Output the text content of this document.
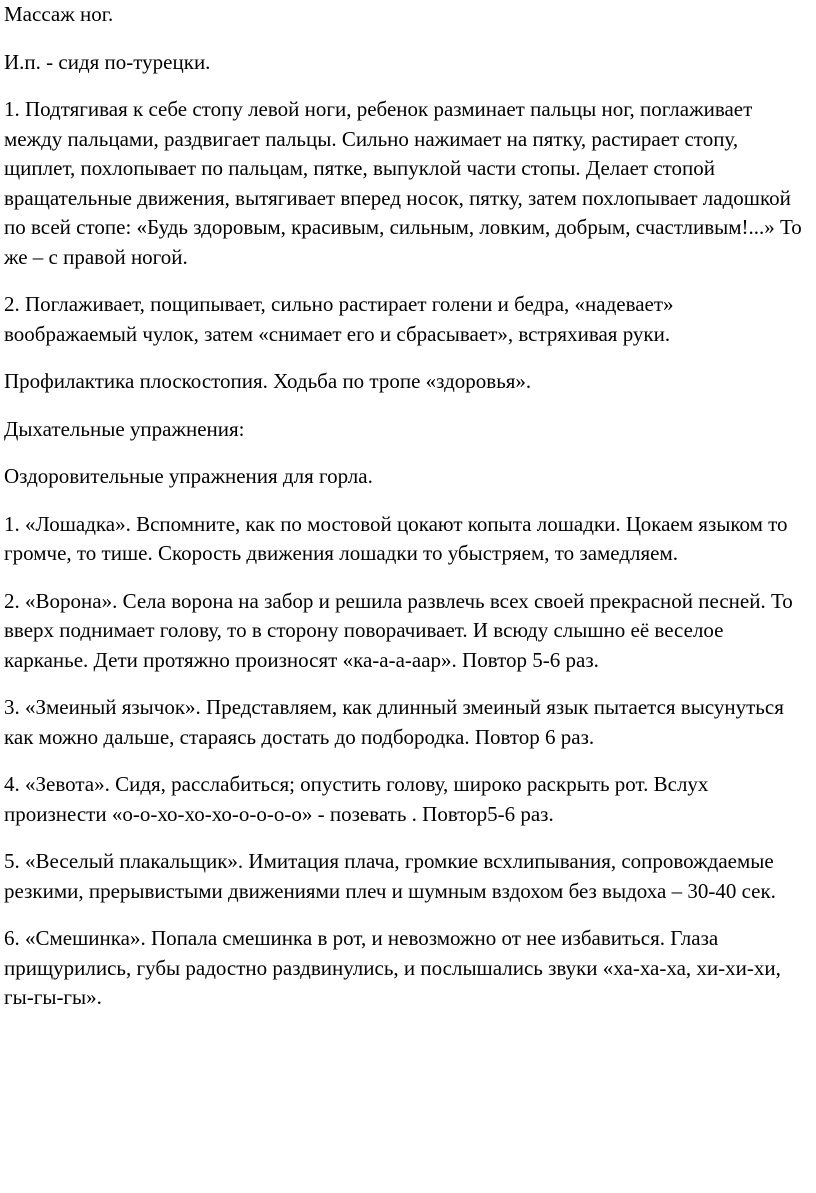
Массаж ног.

И.п. - сидя по-турецки.

1. Подтягивая к себе стопу левой ноги, ребенок разминает пальцы ног, поглаживает между пальцами, раздвигает пальцы. Сильно нажимает на пятку, растирает стопу, щиплет, похлопывает по пальцам, пятке, выпуклой части стопы. Делает стопой вращательные движения, вытягивает вперед носок, пятку, затем похлопывает ладошкой по всей стопе: «Будь здоровым, красивым, сильным, ловким, добрым, счастливым!...» То же – с правой ногой.

2. Поглаживает, пощипывает, сильно растирает голени и бедра, «надевает» воображаемый чулок, затем «снимает его и сбрасывает», встряхивая руки.

Профилактика плоскостопия. Ходьба по тропе «здоровья».

Дыхательные упражнения:

Оздоровительные упражнения для горла.

1. «Лошадка». Вспомните, как по мостовой цокают копыта лошадки. Цокаем языком то громче, то тише. Скорость движения лошадки то убыстряем, то замедляем.

2. «Ворона». Села ворона на забор и решила развлечь всех своей прекрасной песней. То вверх поднимает голову, то в сторону поворачивает. И всюду слышно её веселое карканье. Дети протяжно произносят «ка-а-а-аар». Повтор 5-6 раз.

3. «Змеиный язычок». Представляем, как длинный змеиный язык пытается высунуться как можно дальше, стараясь достать до подбородка. Повтор 6 раз.

4. «Зевота». Сидя, расслабиться; опустить голову, широко раскрыть рот. Вслух произнести «о-о-хо-хо-хо-о-о-о-о» - позевать . Повтор5-6 раз.

5. «Веселый плакальщик». Имитация плача, громкие всхлипывания, сопровождаемые резкими, прерывистыми движениями плеч и шумным вздохом без выдоха – 30-40 сек.

6. «Смешинка». Попала смешинка в рот, и невозможно от нее избавиться. Глаза прищурились, губы радостно раздвинулись, и послышались звуки «ха-ха-ха, хи-хи-хи, гы-гы-гы».
